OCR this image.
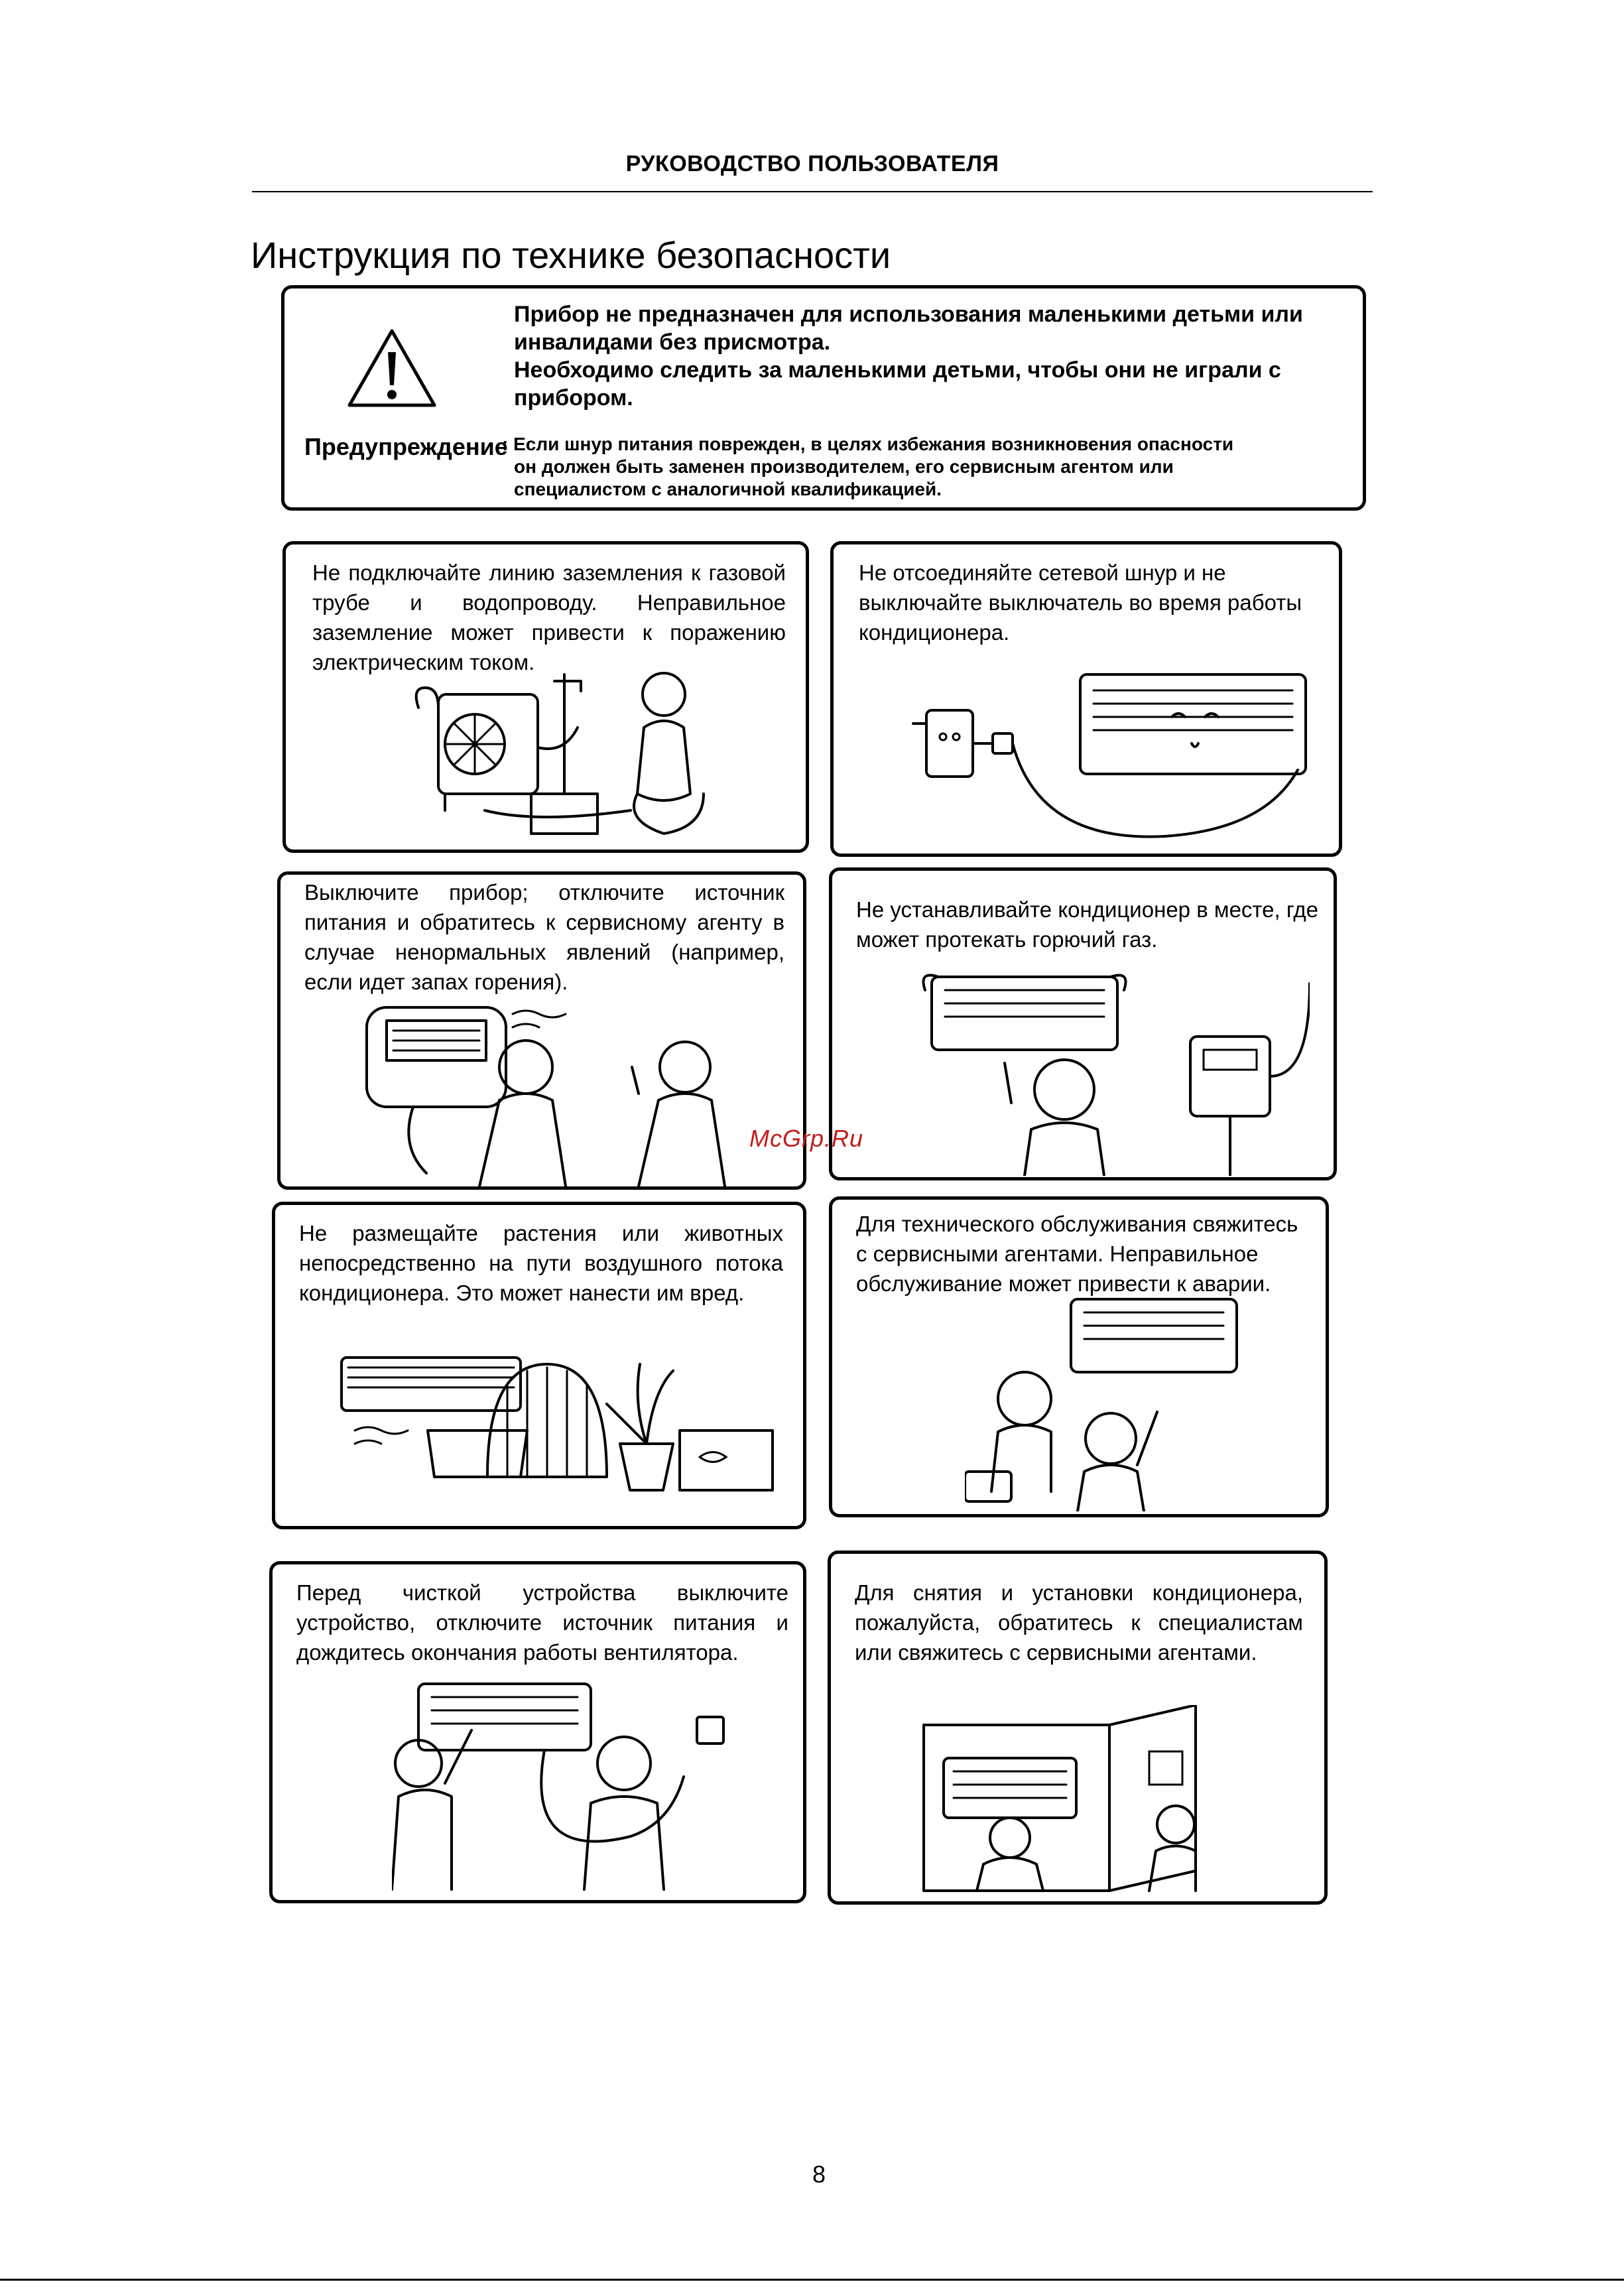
РУКОВОДСТВО ПОЛЬЗОВАТЕЛЯ
Инструкция по технике безопасности
Предупреждение

Прибор не предназначен для использования маленькими детьми или инвалидами без присмотра.

Необходимо следить за маленькими детьми, чтобы они не играли с прибором.

: Если шнур питания поврежден, в целях избежания возникновения опасности

он должен быть заменен производителем, его сервисным агентом или

специалистом с аналогичной квалификацией.

Не подключайте линию заземления к газовой трубе и водопроводу. Неправильное заземление может привести к поражению электрическим током.
Не отсоединяйте сетевой шнур и не выключайте выключатель во время работы кондиционера.
Выключите прибор; отключите источник питания и обратитесь к сервисному агенту в случае ненормальных явлений (например, если идет запах горения).
Не устанавливайте кондиционер в месте, где может протекать горючий газ.
Не размещайте растения или животных непосредственно на пути воздушного потока кондиционера. Это может нанести им вред.
Для технического обслуживания свяжитесь с сервисными агентами. Неправильное обслуживание может привести к аварии.
Перед чисткой устройства выключите устройство, отключите источник питания и дождитесь окончания работы вентилятора.
Для снятия и установки кондиционера, пожалуйста, обратитесь к специалистам или свяжитесь с сервисными агентами.
McGrp.Ru
8
